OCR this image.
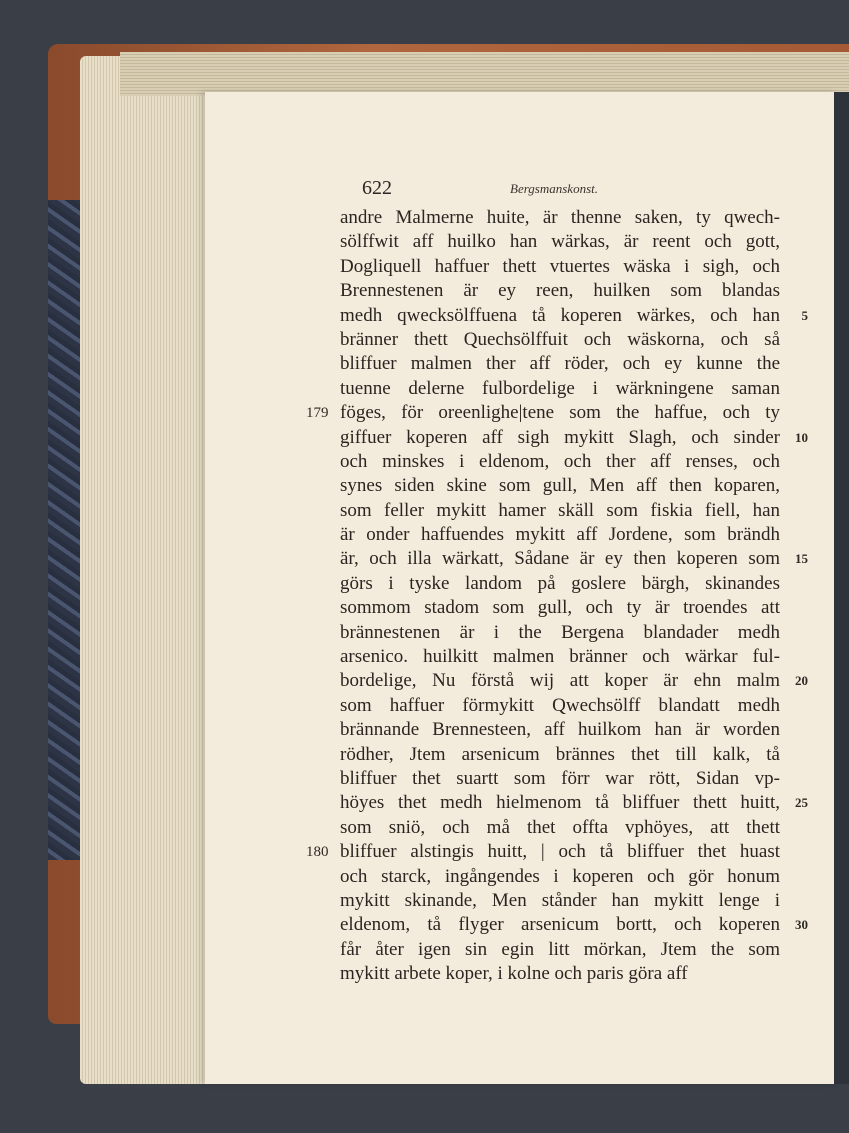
622	Bergsmanskonst.
andre Malmerne huite, är thenne saken, ty qwech-
sölffwit aff huilko han wärkas, är reent och gott,
Dogliquell haffuer thett vtuertes wäska i sigh, och
Brennestenen är ey reen, huilken som blandas
medh qwecksölffuena tå koperen wärkes, och han 5
bränner thett Quechsölffuit och wäskorna, och så
bliffuer malmen ther aff röder, och ey kunne the
tuenne delerne fulbordelige i wärkningene saman
föges, för oreenlighe|tene som the haffue, och ty
179
giffuer koperen aff sigh mykitt Slagh, och sinder 10
och minskes i eldenom, och ther aff renses, och
synes siden skine som gull, Men aff then koparen,
som feller mykitt hamer skäll som fiskia fiell, han
är onder haffuendes mykitt aff Jordene, som brändh
är, och illa wärkatt, Sådane är ey then koperen som 15
görs i tyske landom på goslere bärgh, skinandes
sommom stadom som gull, och ty är troendes att
brännestenen är i the Bergena blandader medh
arsenico. huilkitt malmen bränner och wärkar ful-
bordelige, Nu förstå wij att koper är ehn malm 20
som haffuer förmykitt Qwechsölff blandatt medh
brännande Brennesteen, aff huilkom han är worden
rödher, Jtem arsenicum brännes thet till kalk, tå
bliffuer thet suartt som förr war rött, Sidan vp-
höyes thet medh hielmenom tå bliffuer thett huitt, 25
som sniö, och må thet offta vphöyes, att thett
bliffuer alstingis huitt, | och tå bliffuer thet huast
180
och starck, ingångendes i koperen och gör honum
mykitt skinande, Men stånder han mykitt lenge i
eldenom, tå flyger arsenicum bortt, och koperen 30
får åter igen sin egin litt mörkan, Jtem the som
mykitt arbete koper, i kolne och paris göra aff
